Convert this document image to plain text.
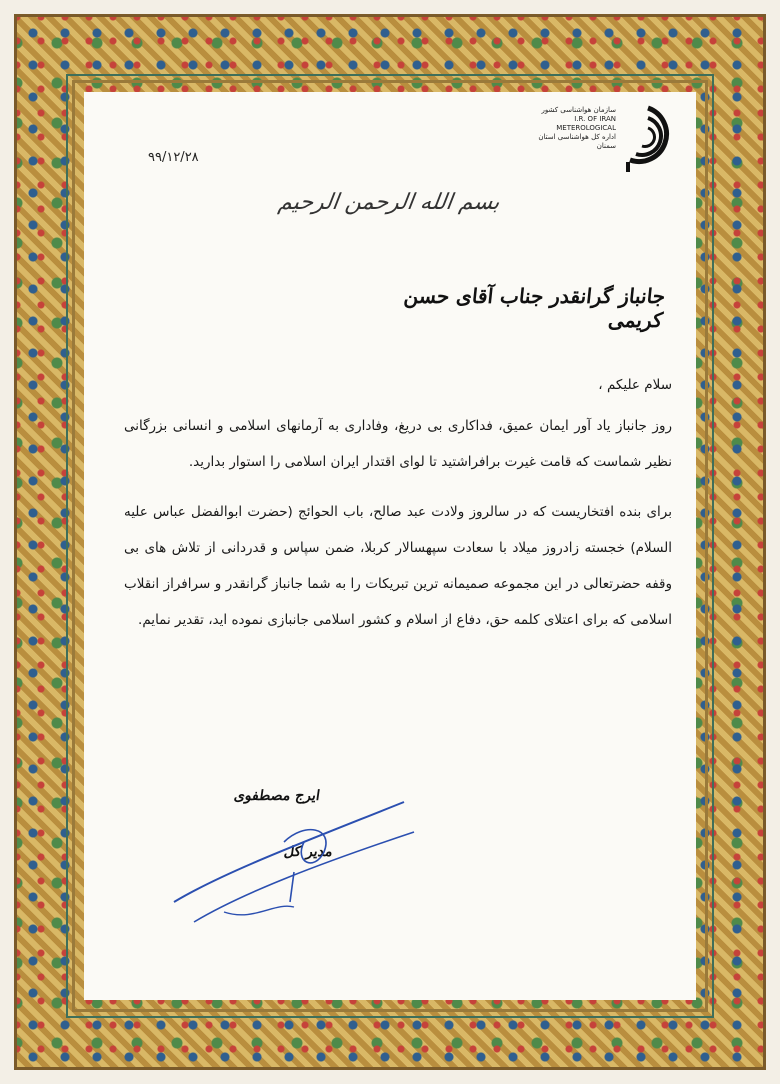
سازمان هواشناسی کشور
I.R. OF IRAN
METEROLOGICAL
اداره کل هواشناسی استان سمنان
۹۹/۱۲/۲۸
بسم الله الرحمن الرحیم
جانباز گرانقدر جناب آقای حسن کریمی

سلام علیکم ،

روز جانباز یاد آور ایمان عمیق، فداکاری بی دریغ، وفاداری به آرمانهای اسلامی و انسانی بزرگانی نظیر شماست که قامت غیرت برافراشتید تا لوای اقتدار ایران اسلامی را استوار بدارید.

برای بنده افتخاریست که در سالروز ولادت عبد صالح، باب الحوائج (حضرت ابوالفضل عباس علیه السلام) خجسته زادروز میلاد با سعادت سپهسالار کربلا، ضمن سپاس و قدردانی از تلاش های بی وقفه حضرتعالی در این مجموعه صمیمانه ترین تبریکات را به شما جانباز گرانقدر و سرافراز انقلاب اسلامی که برای اعتلای کلمه حق، دفاع از اسلام و کشور اسلامی جانبازی نموده اید، تقدیر نمایم.

ایرج مصطفوی
مدیر کل
